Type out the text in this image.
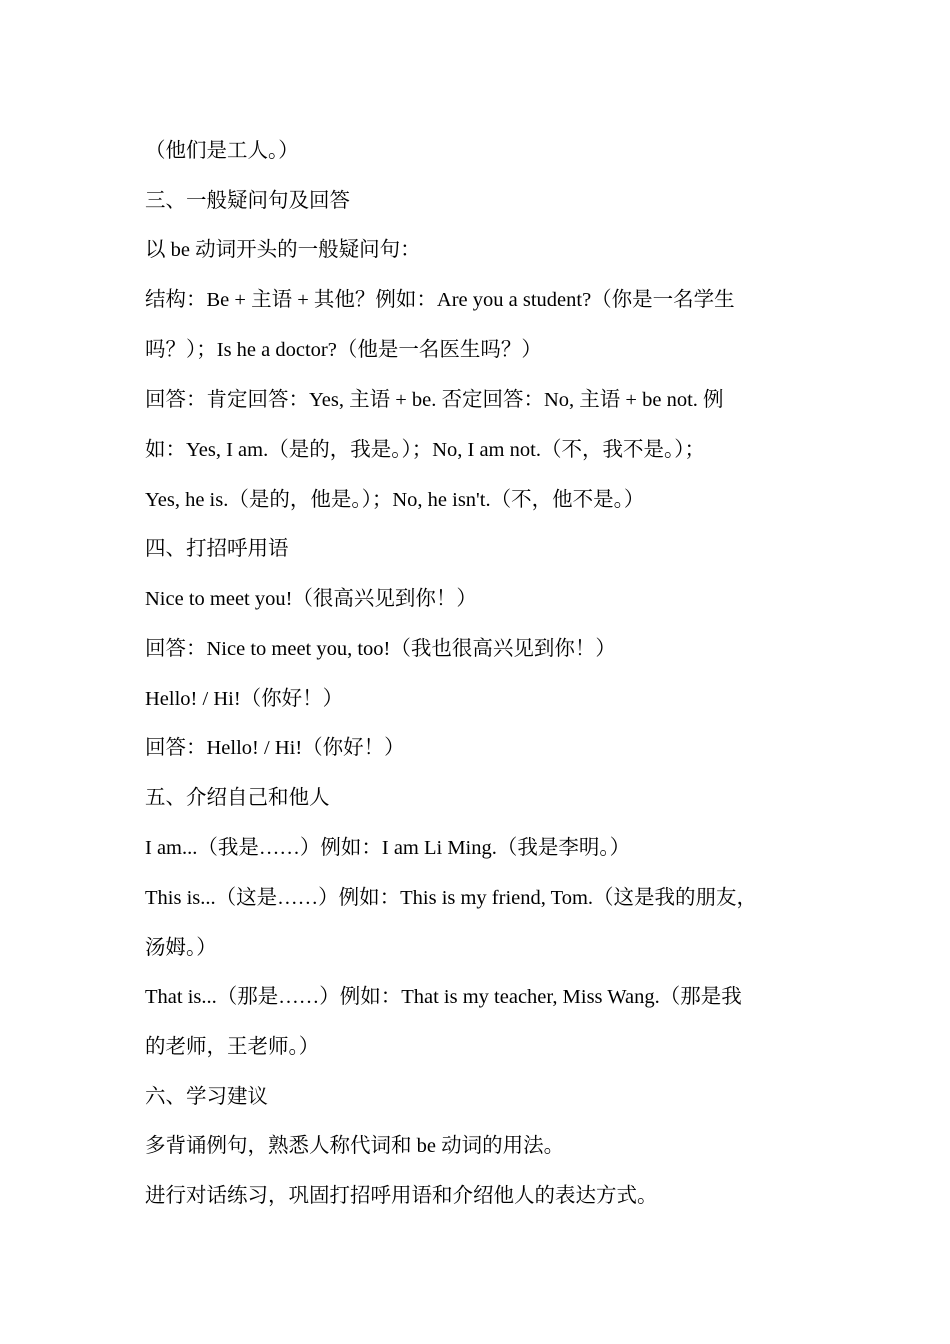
（他们是工人。）
三、一般疑问句及回答
以 be 动词开头的一般疑问句：
结构：Be + 主语 + 其他？例如：Are you a student?（你是一名学生
吗？）；Is he a doctor?（他是一名医生吗？）
回答：肯定回答：Yes, 主语 + be. 否定回答：No, 主语 + be not. 例
如：Yes, I am.（是的，我是。）；No, I am not.（不，我不是。）；
Yes, he is.（是的，他是。）；No, he isn't.（不，他不是。）
四、打招呼用语
Nice to meet you!（很高兴见到你！）
回答：Nice to meet you, too!（我也很高兴见到你！）
Hello! / Hi!（你好！）
回答：Hello! / Hi!（你好！）
五、介绍自己和他人
I am...（我是……）例如：I am Li Ming.（我是李明。）
This is...（这是……）例如：This is my friend, Tom.（这是我的朋友，
汤姆。）
That is...（那是……）例如：That is my teacher, Miss Wang.（那是我
的老师，王老师。）
六、学习建议
多背诵例句，熟悉人称代词和 be 动词的用法。
进行对话练习，巩固打招呼用语和介绍他人的表达方式。
